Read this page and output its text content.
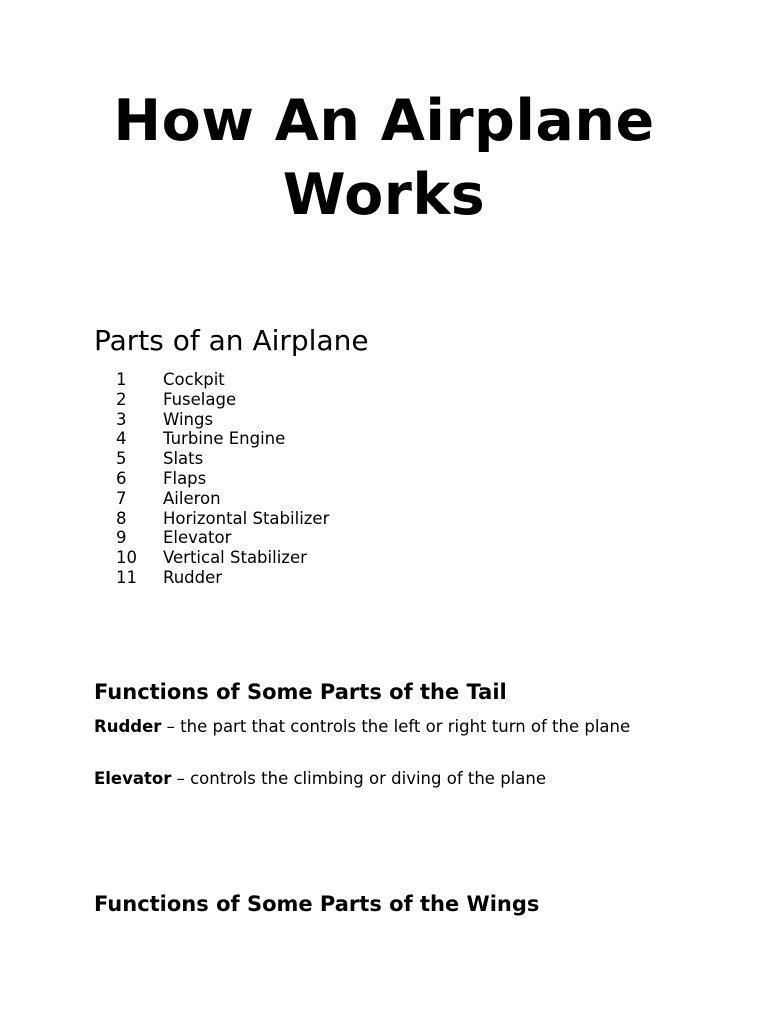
How An Airplane
Works
Parts of an Airplane
1 Cockpit
2 Fuselage
3 Wings
4 Turbine Engine
5 Slats
6 Flaps
7 Aileron
8 Horizontal Stabilizer
9 Elevator
10 Vertical Stabilizer
11 Rudder
Functions of Some Parts of the Tail

Rudder – the part that controls the left or right turn of the plane

Elevator – controls the climbing or diving of the plane

Functions of Some Parts of the Wings
